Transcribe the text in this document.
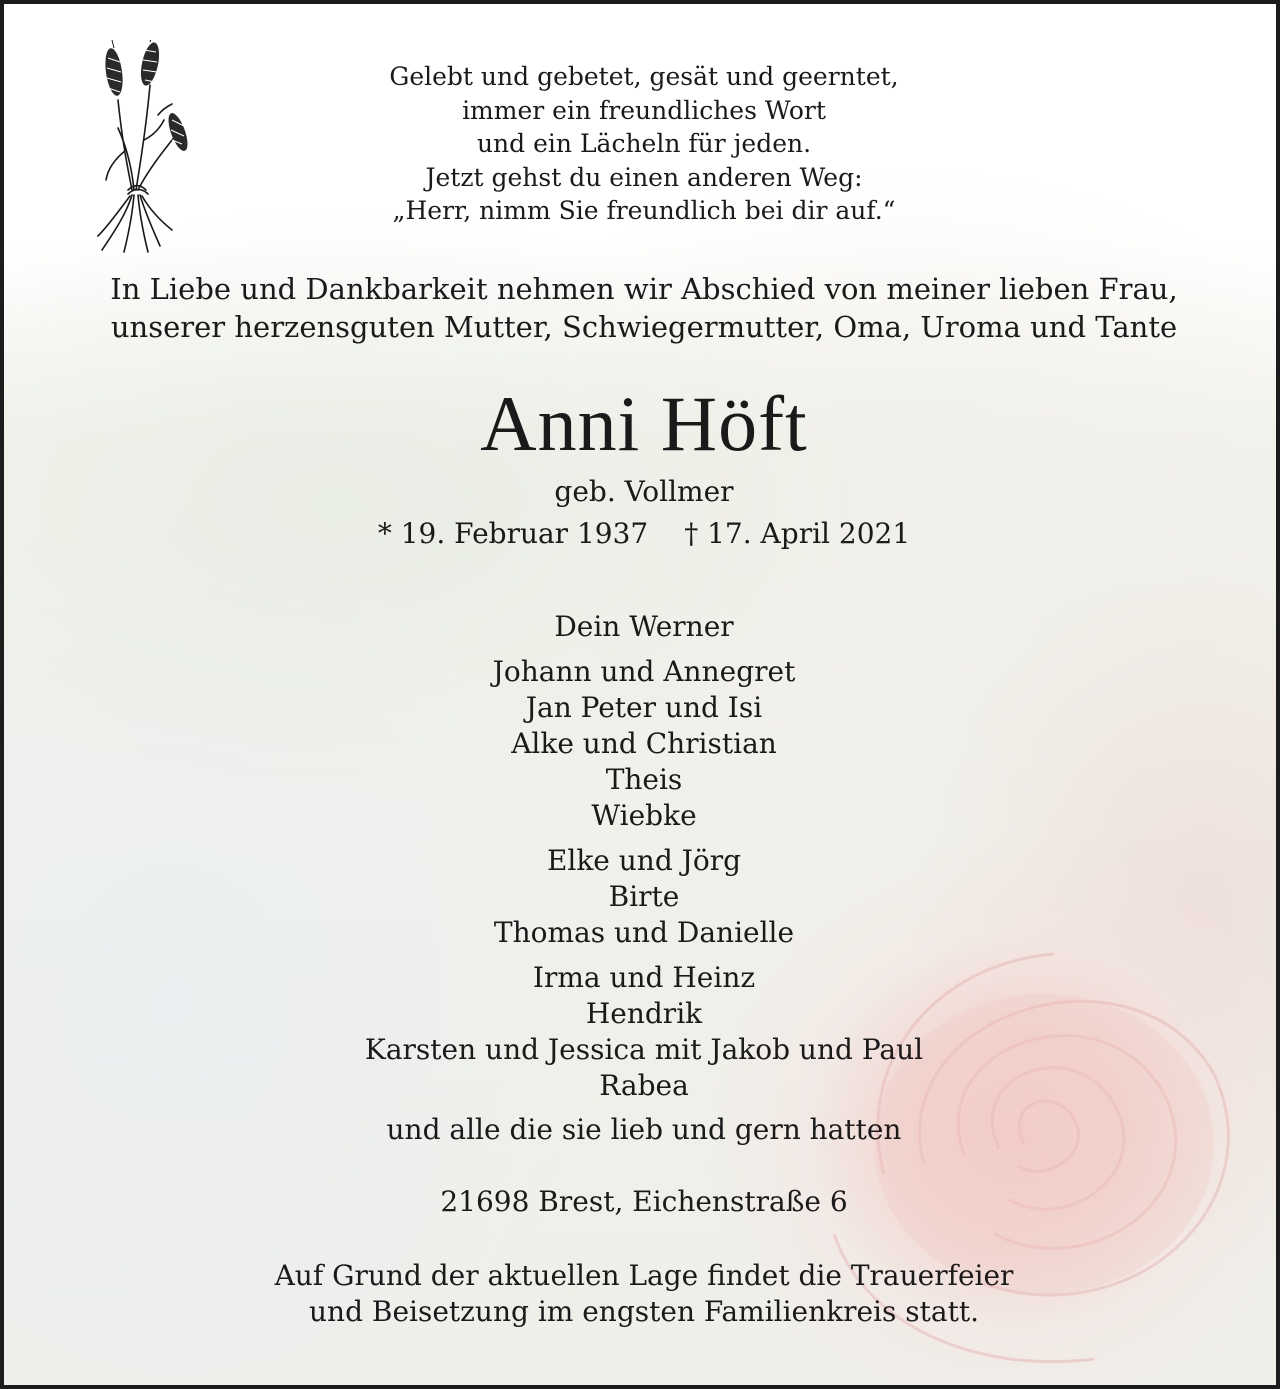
Gelebt und gebetet, gesät und geerntet,
immer ein freundliches Wort
und ein Lächeln für jeden.
Jetzt gehst du einen anderen Weg:
„Herr, nimm Sie freundlich bei dir auf.“
In Liebe und Dankbarkeit nehmen wir Abschied von meiner lieben Frau,
unserer herzensguten Mutter, Schwiegermutter, Oma, Uroma und Tante
Anni Höft
geb. Vollmer
* 19. Februar 1937 † 17. April 2021
Dein Werner
Johann und Annegret
Jan Peter und Isi
Alke und Christian
Theis
Wiebke
Elke und Jörg
Birte
Thomas und Danielle
Irma und Heinz
Hendrik
Karsten und Jessica mit Jakob und Paul
Rabea
und alle die sie lieb und gern hatten
21698 Brest, Eichenstraße 6
Auf Grund der aktuellen Lage findet die Trauerfeier
und Beisetzung im engsten Familienkreis statt.
